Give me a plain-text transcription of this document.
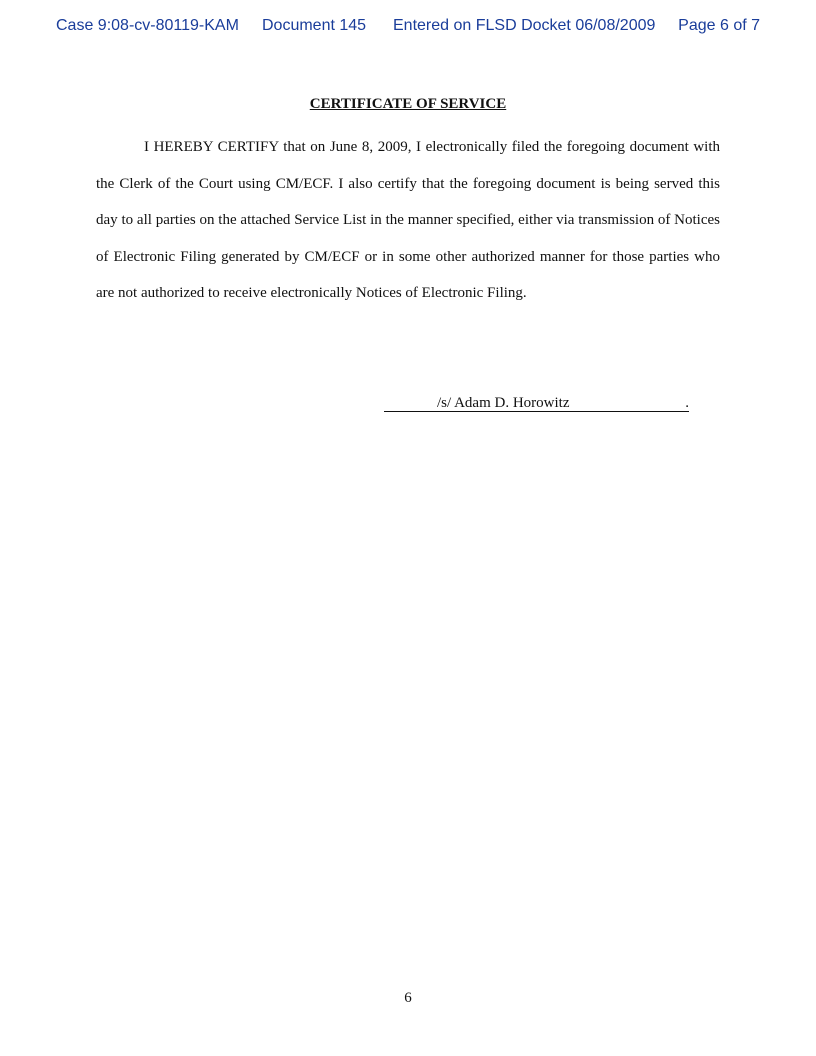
Case 9:08-cv-80119-KAM Document 145 Entered on FLSD Docket 06/08/2009 Page 6 of 7
CERTIFICATE OF SERVICE

I HEREBY CERTIFY that on June 8, 2009, I electronically filed the foregoing document with the Clerk of the Court using CM/ECF. I also certify that the foregoing document is being served this day to all parties on the attached Service List in the manner specified, either via transmission of Notices of Electronic Filing generated by CM/ECF or in some other authorized manner for those parties who are not authorized to receive electronically Notices of Electronic Filing.

/s/ Adam D. Horowitz	.
6
